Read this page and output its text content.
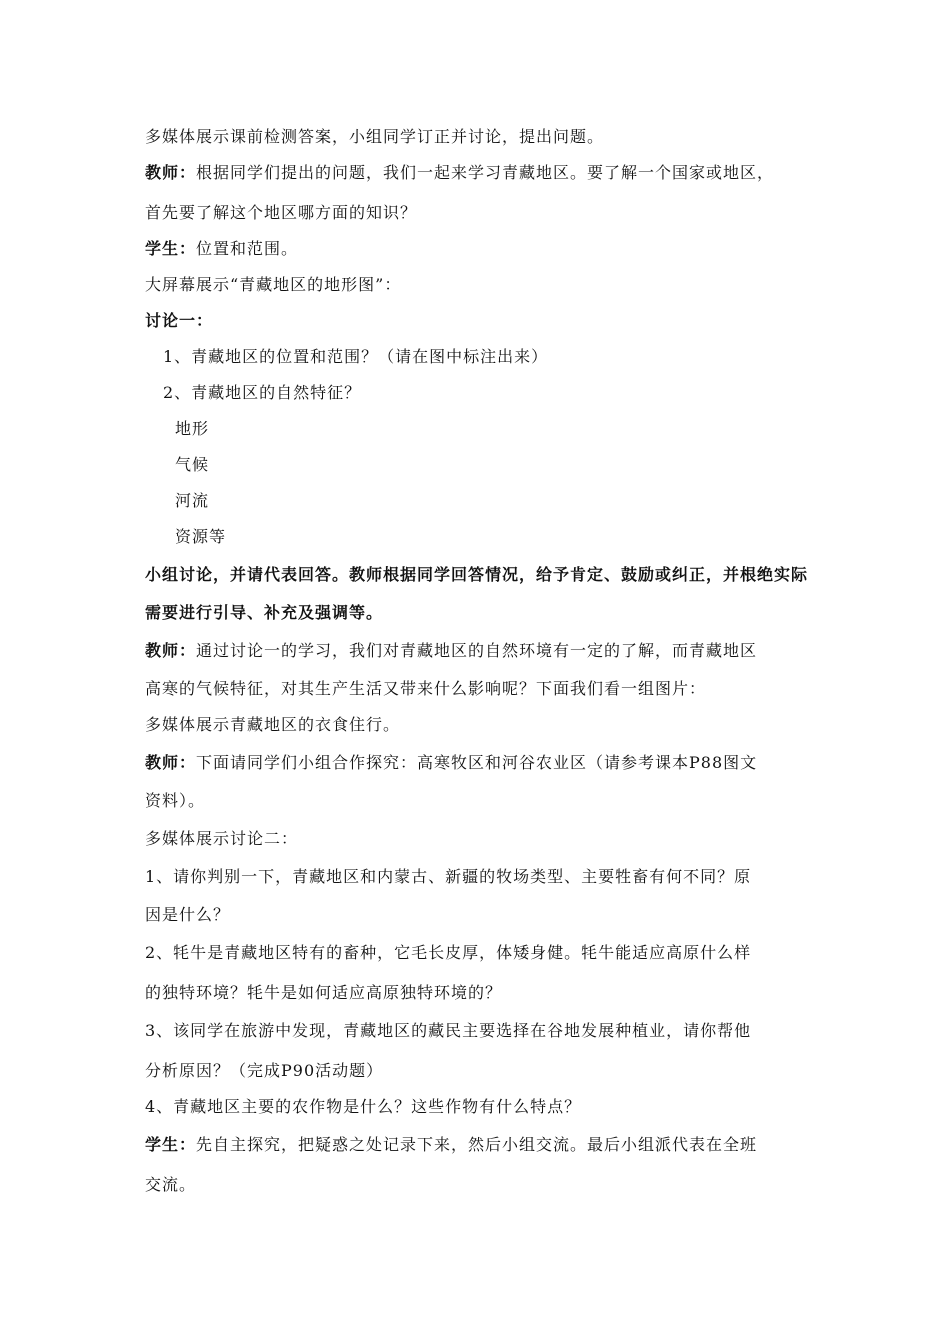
多媒体展示课前检测答案，小组同学订正并讨论，提出问题。
教师：根据同学们提出的问题，我们一起来学习青藏地区。要了解一个国家或地区，
首先要了解这个地区哪方面的知识？
学生：位置和范围。
大屏幕展示“青藏地区的地形图”：
讨论一：
1、青藏地区的位置和范围？（请在图中标注出来）
2、青藏地区的自然特征？
地形
气候
河流
资源等
小组讨论，并请代表回答。教师根据同学回答情况，给予肯定、鼓励或纠正，并根绝实际
需要进行引导、补充及强调等。
教师：通过讨论一的学习，我们对青藏地区的自然环境有一定的了解，而青藏地区
高寒的气候特征，对其生产生活又带来什么影响呢？下面我们看一组图片：
多媒体展示青藏地区的衣食住行。
教师：下面请同学们小组合作探究：高寒牧区和河谷农业区（请参考课本P88图文
资料）。
多媒体展示讨论二：
1、请你判别一下，青藏地区和内蒙古、新疆的牧场类型、主要牲畜有何不同？原
因是什么？
2、牦牛是青藏地区特有的畜种，它毛长皮厚，体矮身健。牦牛能适应高原什么样
的独特环境？牦牛是如何适应高原独特环境的？
3、该同学在旅游中发现，青藏地区的藏民主要选择在谷地发展种植业，请你帮他
分析原因？（完成P90活动题）
4、青藏地区主要的农作物是什么？这些作物有什么特点？
学生：先自主探究，把疑惑之处记录下来，然后小组交流。最后小组派代表在全班
交流。
